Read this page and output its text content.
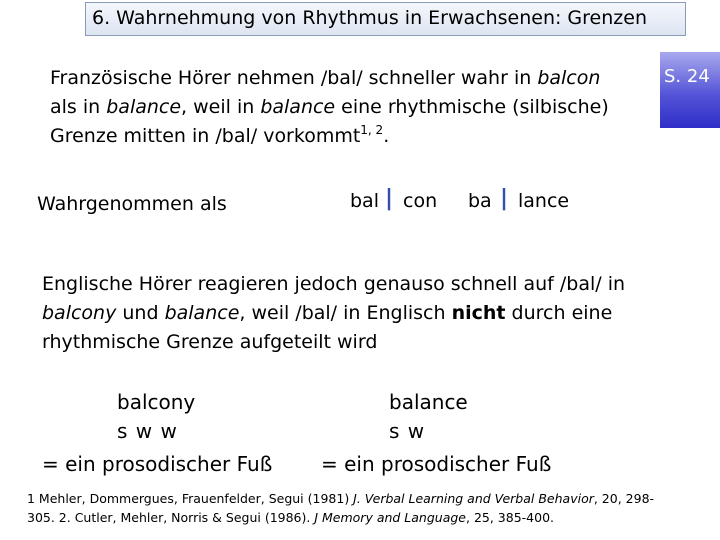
6. Wahrnehmung von Rhythmus in Erwachsenen: Grenzen
S. 24
Französische Hörer nehmen /bal/ schneller wahr in balcon
als in balance, weil in balance eine rhythmische (silbische)
Grenze mitten in /bal/ vorkommt$^{1, 2}$.
Wahrgenommen als	bal | con ba | lance
Englische Hörer reagieren jedoch genauso schnell auf /bal/ in
balcony und balance, weil /bal/ in Englisch nicht durch eine
rhythmische Grenze aufgeteilt wird
balcony
s w w
= ein prosodischer Fuß
balance
s w
= ein prosodischer Fuß
1 Mehler, Dommergues, Frauenfelder, Segui (1981) J. Verbal Learning and Verbal Behavior, 20, 298-
305. 2. Cutler, Mehler, Norris & Segui (1986). J Memory and Language, 25, 385-400.
